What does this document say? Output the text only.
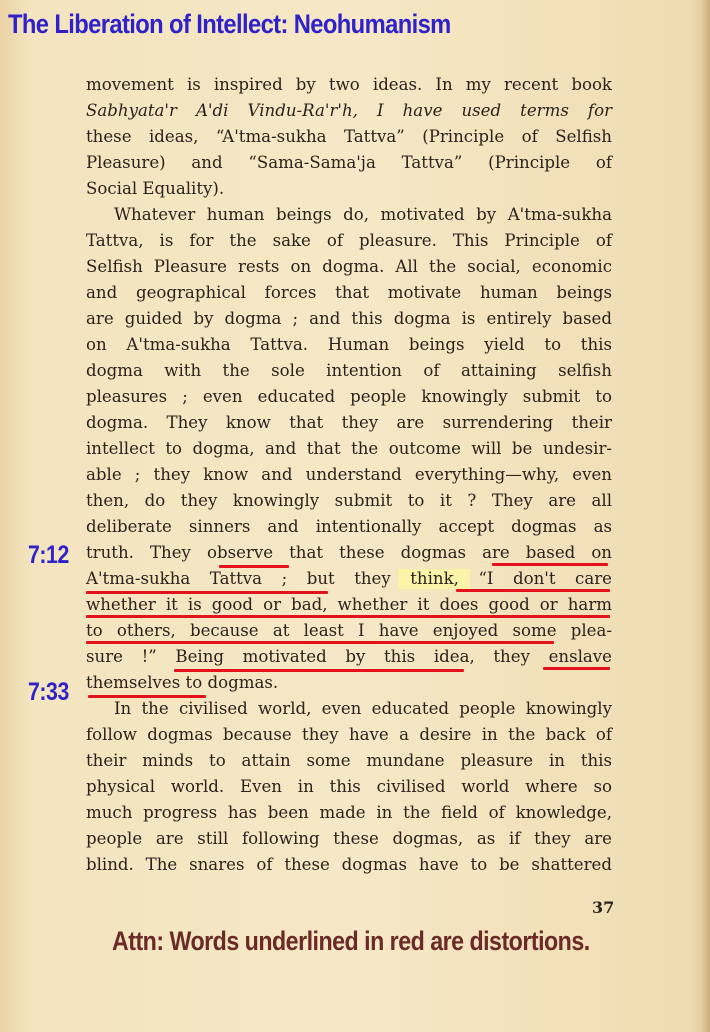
The Liberation of Intellect: Neohumanism
movement is inspired by two ideas. In my recent book
Sabhyata'r A'di Vindu-Ra'r'h, I have used terms for
these ideas, “A'tma-sukha Tattva” (Principle of Selfish
Pleasure) and “Sama-Sama'ja Tattva” (Principle of
Social Equality).
Whatever human beings do, motivated by A'tma-sukha
Tattva, is for the sake of pleasure. This Principle of
Selfish Pleasure rests on dogma. All the social, economic
and geographical forces that motivate human beings
are guided by dogma ; and this dogma is entirely based
on A'tma-sukha Tattva. Human beings yield to this
dogma with the sole intention of attaining selfish
pleasures ; even educated people knowingly submit to
dogma. They know that they are surrendering their
intellect to dogma, and that the outcome will be undesir-
able ; they know and understand everything—why, even
then, do they knowingly submit to it ? They are all
deliberate sinners and intentionally accept dogmas as
truth. They observe that these dogmas are based on
A'tma-sukha Tattva ; but they think, “I don't care
whether it is good or bad, whether it does good or harm
to others, because at least I have enjoyed some plea-
sure !” Being motivated by this idea, they enslave
themselves to dogmas.
In the civilised world, even educated people knowingly
follow dogmas because they have a desire in the back of
their minds to attain some mundane pleasure in this
physical world. Even in this civilised world where so
much progress has been made in the field of knowledge,
people are still following these dogmas, as if they are
blind. The snares of these dogmas have to be shattered
7:12
7:33
37
Attn: Words underlined in red are distortions.
